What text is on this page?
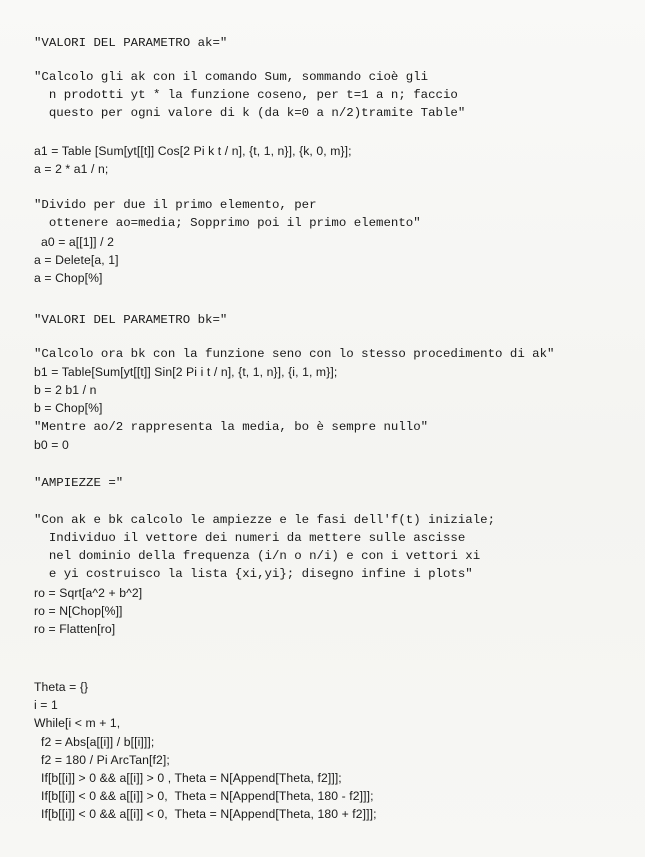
"VALORI DEL PARAMETRO ak="
"Calcolo gli ak con il comando Sum, sommando cioè gli
n prodotti yt * la funzione coseno, per t=1 a n; faccio
questo per ogni valore di k (da k=0 a n/2)tramite Table"
a1 = Table [Sum[yt[[t]] Cos[2 Pi k t / n], {t, 1, n}], {k, 0, m}];
a = 2 * a1 / n;
"Divido per due il primo elemento, per
ottenere ao=media; Sopprimo poi il primo elemento"
a0 = a[[1]] / 2
a = Delete[a, 1]
a = Chop[%]
"VALORI DEL PARAMETRO bk="
"Calcolo ora bk con la funzione seno con lo stesso procedimento di ak"
b1 = Table[Sum[yt[[t]] Sin[2 Pi i t / n], {t, 1, n}], {i, 1, m}];
b = 2 b1 / n
b = Chop[%]
"Mentre ao/2 rappresenta la media, bo è sempre nullo"
b0 = 0
"AMPIEZZE ="
"Con ak e bk calcolo le ampiezze e le fasi dell'f(t) iniziale;
Individuo il vettore dei numeri da mettere sulle ascisse
nel dominio della frequenza (i/n o n/i) e con i vettori xi
e yi costruisco la lista {xi,yi}; disegno infine i plots"
ro = Sqrt[a^2 + b^2]
ro = N[Chop[%]]
ro = Flatten[ro]
Theta = {}
i = 1
While[i < m + 1,
f2 = Abs[a[[i]] / b[[i]]];
f2 = 180 / Pi ArcTan[f2];
If[b[[i]] > 0 && a[[i]] > 0 , Theta = N[Append[Theta, f2]]];
If[b[[i]] < 0 && a[[i]] > 0,  Theta = N[Append[Theta, 180 - f2]]];
If[b[[i]] < 0 && a[[i]] < 0,  Theta = N[Append[Theta, 180 + f2]]];
